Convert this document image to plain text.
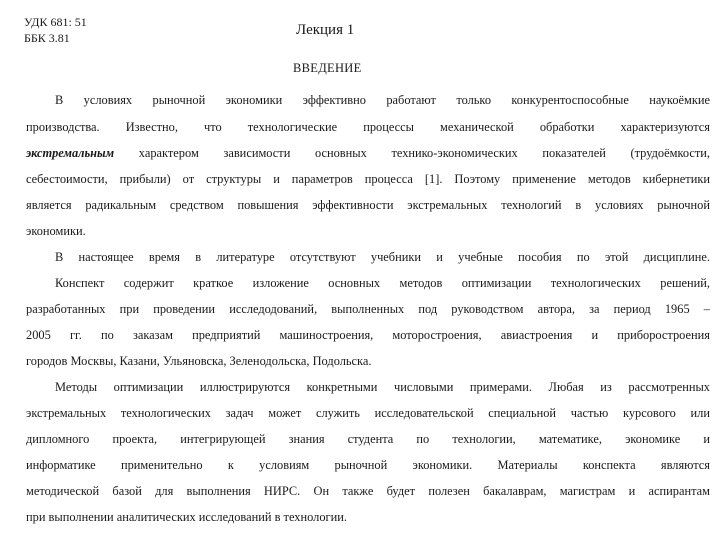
УДК 681: 51
ББК 3.81	Лекция 1
ВВЕДЕНИЕ
В условиях рыночной экономики эффективно работают только конкурентоспособные наукоёмкие
производства. Известно, что технологические процессы механической обработки характеризуются
экстремальным характером зависимости основных технико-экономических показателей (трудоёмкости,
себестоимости, прибыли) от структуры и параметров процесса [1]. Поэтому применение методов кибернетики
является радикальным средством повышения эффективности экстремальных технологий в условиях рыночной
экономики.
В настоящее время в литературе отсутствуют учебники и учебные пособия по этой дисциплине.
Конспект содержит краткое изложение основных методов оптимизации технологических решений,
разработанных при проведении исследодований, выполненных под руководством автора, за период 1965 –
2005 гг. по заказам предприятий машиностроения, моторостроения, авиастроения и приборостроения
городов Москвы, Казани, Ульяновска, Зеленодольска, Подольска.
Методы оптимизации иллюстрируются конкретными числовыми примерами. Любая из рассмотренных
экстремальных технологических задач может служить исследовательской специальной частью курсового или
дипломного проекта, интегрирующей знания студента по технологии, математике, экономике и
информатике применительно к условиям рыночной экономики. Материалы конспекта являются
методической базой для выполнения НИРС. Он также будет полезен бакалаврам, магистрам и аспирантам
при выполнении аналитических исследований в технологии.
